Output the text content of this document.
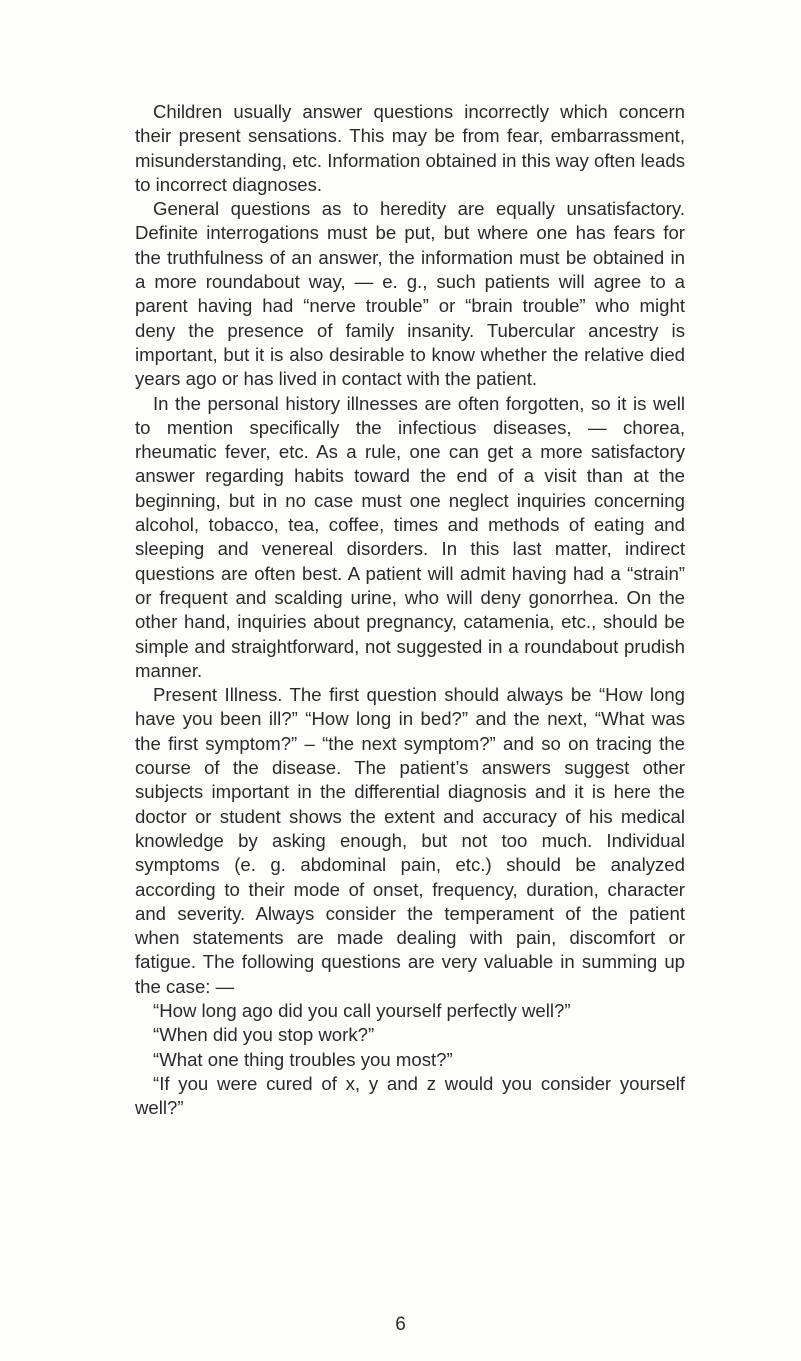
Children usually answer questions incorrectly which concern their present sensations. This may be from fear, embarrassment, misunderstanding, etc. Information obtained in this way often leads to incorrect diagnoses.

General questions as to heredity are equally unsatisfactory. Definite interrogations must be put, but where one has fears for the truthfulness of an answer, the information must be obtained in a more roundabout way, — e. g., such patients will agree to a parent having had “nerve trouble” or “brain trouble” who might deny the presence of family insanity. Tubercular ancestry is important, but it is also desirable to know whether the relative died years ago or has lived in contact with the patient.

In the personal history illnesses are often forgotten, so it is well to mention specifically the infectious diseases, — chorea, rheumatic fever, etc. As a rule, one can get a more satisfactory answer regarding habits toward the end of a visit than at the beginning, but in no case must one neglect inquiries concerning alcohol, tobacco, tea, coffee, times and methods of eating and sleeping and venereal disorders. In this last matter, indirect questions are often best. A patient will admit having had a “strain” or frequent and scalding urine, who will deny gonorrhea. On the other hand, inquiries about pregnancy, catamenia, etc., should be simple and straightforward, not suggested in a roundabout prudish manner.

Present Illness. The first question should always be “How long have you been ill?” “How long in bed?” and the next, “What was the first symptom?” – “the next symptom?” and so on tracing the course of the disease. The patient’s answers suggest other subjects important in the differential diagnosis and it is here the doctor or student shows the extent and accuracy of his medical knowledge by asking enough, but not too much. Individual symptoms (e. g. abdominal pain, etc.) should be analyzed according to their mode of onset, frequency, duration, character and severity. Always consider the temperament of the patient when statements are made dealing with pain, discomfort or fatigue. The following questions are very valuable in summing up the case: —

“How long ago did you call yourself perfectly well?”

“When did you stop work?”

“What one thing troubles you most?”

“If you were cured of x, y and z would you consider yourself well?”

6
